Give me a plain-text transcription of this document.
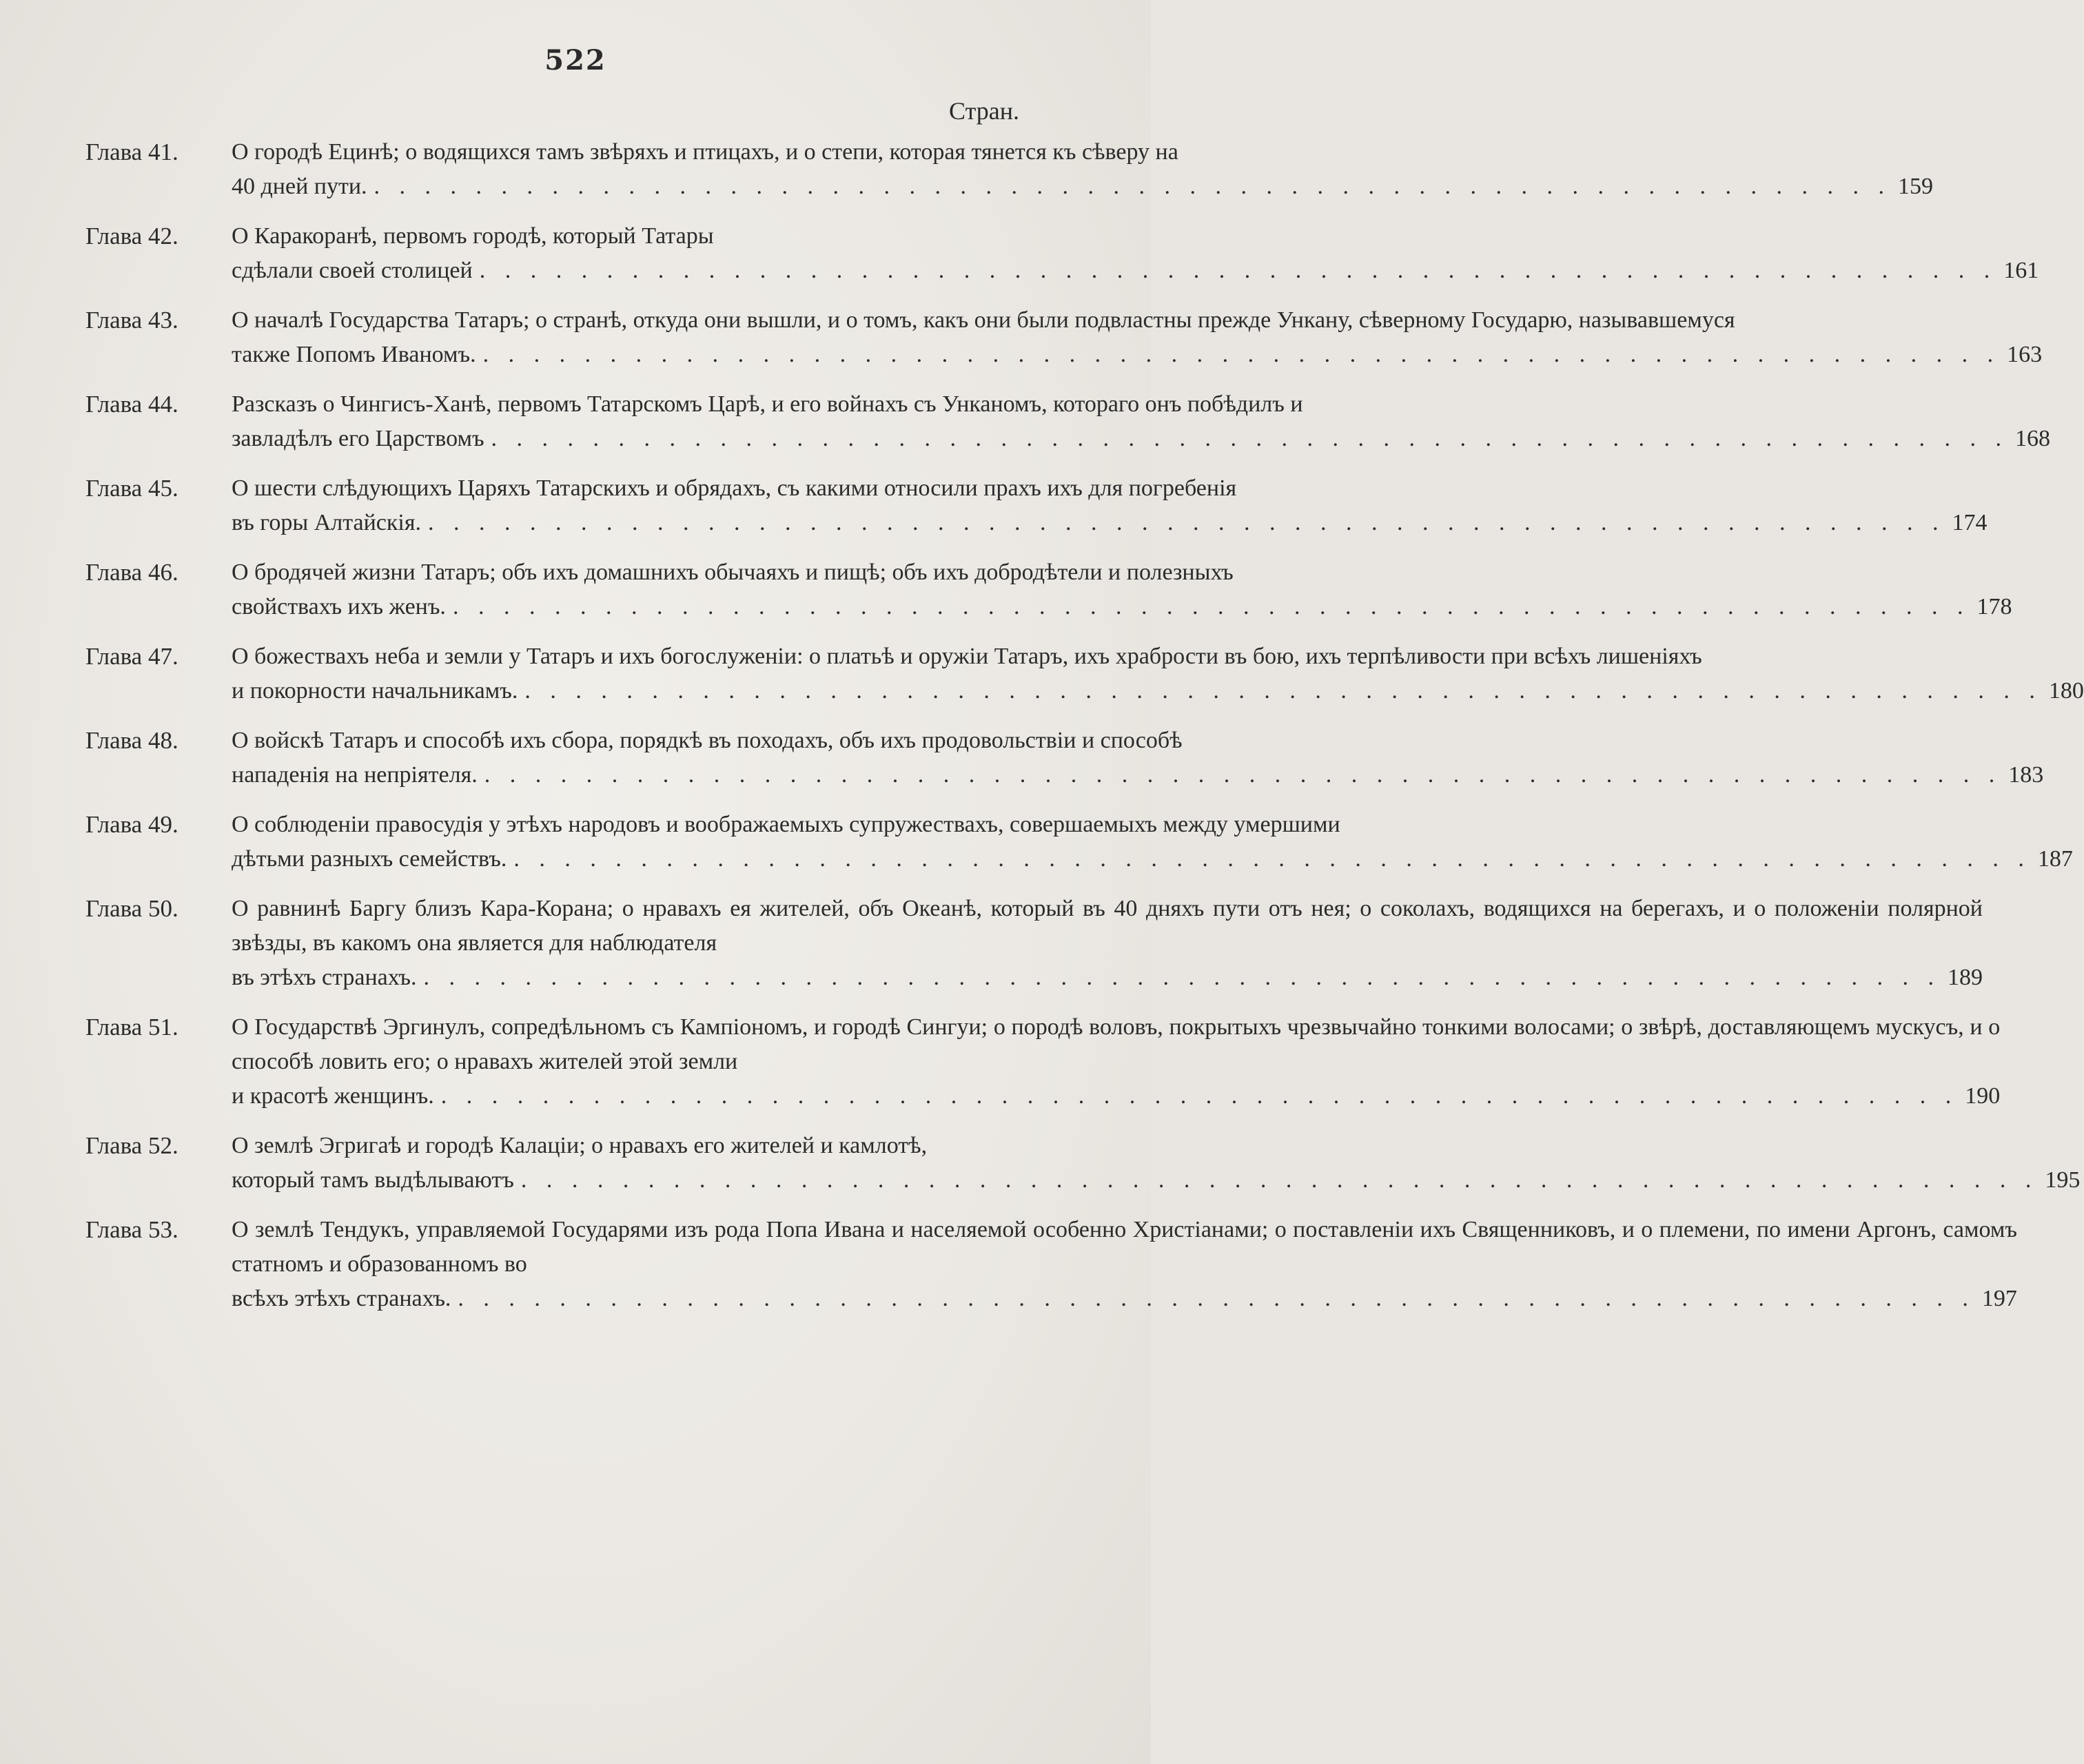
522
Стран.
Глава 41.	О городѣ Ецинѣ; о водящихся тамъ звѣряхъ и птицахъ, и о степи, которая тянется къ сѣверу на
40 дней пути. . . . . . . . . . . . . . . . . . . . . . . . . . . . . . . . . . . . . . . . . . . . . . . . . . . . . . . . . . . . . 159
Глава 42.	О Каракоранѣ, первомъ городѣ, который Татары
сдѣлали своей столицей . . . . . . . . . . . . . . . . . . . . . . . . . . . . . . . . . . . . . . . . . . . . . . . . . . . . . . . . . . . . 161
Глава 43.	О началѣ Государства Татаръ; о странѣ, откуда они вышли, и о томъ, какъ они были подвластны прежде Ункану, сѣверному Государю, называвшемуся
также Попомъ Иваномъ. . . . . . . . . . . . . . . . . . . . . . . . . . . . . . . . . . . . . . . . . . . . . . . . . . . . . . . . . . . . . 163
Глава 44.	Разсказъ о Чингисъ-Ханѣ, первомъ Татарскомъ Царѣ, и его войнахъ съ Унканомъ, котораго онъ побѣдилъ и
завладѣлъ его Царствомъ . . . . . . . . . . . . . . . . . . . . . . . . . . . . . . . . . . . . . . . . . . . . . . . . . . . . . . . . . . . . 168
Глава 45.	О шести слѣдующихъ Царяхъ Татарскихъ и обрядахъ, съ какими относили прахъ ихъ для погребенія
въ горы Алтайскія. . . . . . . . . . . . . . . . . . . . . . . . . . . . . . . . . . . . . . . . . . . . . . . . . . . . . . . . . . . . . 174
Глава 46.	О бродячей жизни Татаръ; объ ихъ домашнихъ обычаяхъ и пищѣ; объ ихъ добродѣтели и полезныхъ
свойствахъ ихъ женъ. . . . . . . . . . . . . . . . . . . . . . . . . . . . . . . . . . . . . . . . . . . . . . . . . . . . . . . . . . . . . 178
Глава 47.	О божествахъ неба и земли у Татаръ и ихъ богослуженіи: о платьѣ и оружіи Татаръ, ихъ храбрости въ бою, ихъ терпѣливости при всѣхъ лишеніяхъ
и покорности начальникамъ. . . . . . . . . . . . . . . . . . . . . . . . . . . . . . . . . . . . . . . . . . . . . . . . . . . . . . . . . . . . . 180
Глава 48.	О войскѣ Татаръ и способѣ ихъ сбора, порядкѣ въ походахъ, объ ихъ продовольствіи и способѣ
нападенія на непріятеля. . . . . . . . . . . . . . . . . . . . . . . . . . . . . . . . . . . . . . . . . . . . . . . . . . . . . . . . . . . . . 183
Глава 49.	О соблюденіи правосудія у этѣхъ народовъ и воображаемыхъ супружествахъ, совершаемыхъ между умершими
дѣтьми разныхъ семействъ. . . . . . . . . . . . . . . . . . . . . . . . . . . . . . . . . . . . . . . . . . . . . . . . . . . . . . . . . . . . . 187
Глава 50.	О равнинѣ Баргу близъ Кара-Корана; о нравахъ ея жителей, объ Океанѣ, который въ 40 дняхъ пути отъ нея; о соколахъ, водящихся на берегахъ, и о положеніи полярной звѣзды, въ какомъ она является для наблюдателя
въ этѣхъ странахъ. . . . . . . . . . . . . . . . . . . . . . . . . . . . . . . . . . . . . . . . . . . . . . . . . . . . . . . . . . . . . 189
Глава 51.	О Государствѣ Эргинулъ, сопредѣльномъ съ Кампіономъ, и городѣ Сингуи; о породѣ воловъ, покрытыхъ чрезвычайно тонкими волосами; о звѣрѣ, доставляющемъ мускусъ, и о способѣ ловить его; о нравахъ жителей этой земли
и красотѣ женщинъ. . . . . . . . . . . . . . . . . . . . . . . . . . . . . . . . . . . . . . . . . . . . . . . . . . . . . . . . . . . . . 190
Глава 52.	О землѣ Эгригаѣ и городѣ Калаціи; о нравахъ его жителей и камлотѣ,
который тамъ выдѣлываютъ . . . . . . . . . . . . . . . . . . . . . . . . . . . . . . . . . . . . . . . . . . . . . . . . . . . . . . . . . . . . 195
Глава 53.	О землѣ Тендукъ, управляемой Государями изъ рода Попа Ивана и населяемой особенно Христіанами; о поставленіи ихъ Священниковъ, и о племени, по имени Аргонъ, самомъ статномъ и образованномъ во
всѣхъ этѣхъ странахъ. . . . . . . . . . . . . . . . . . . . . . . . . . . . . . . . . . . . . . . . . . . . . . . . . . . . . . . . . . . . . 197
